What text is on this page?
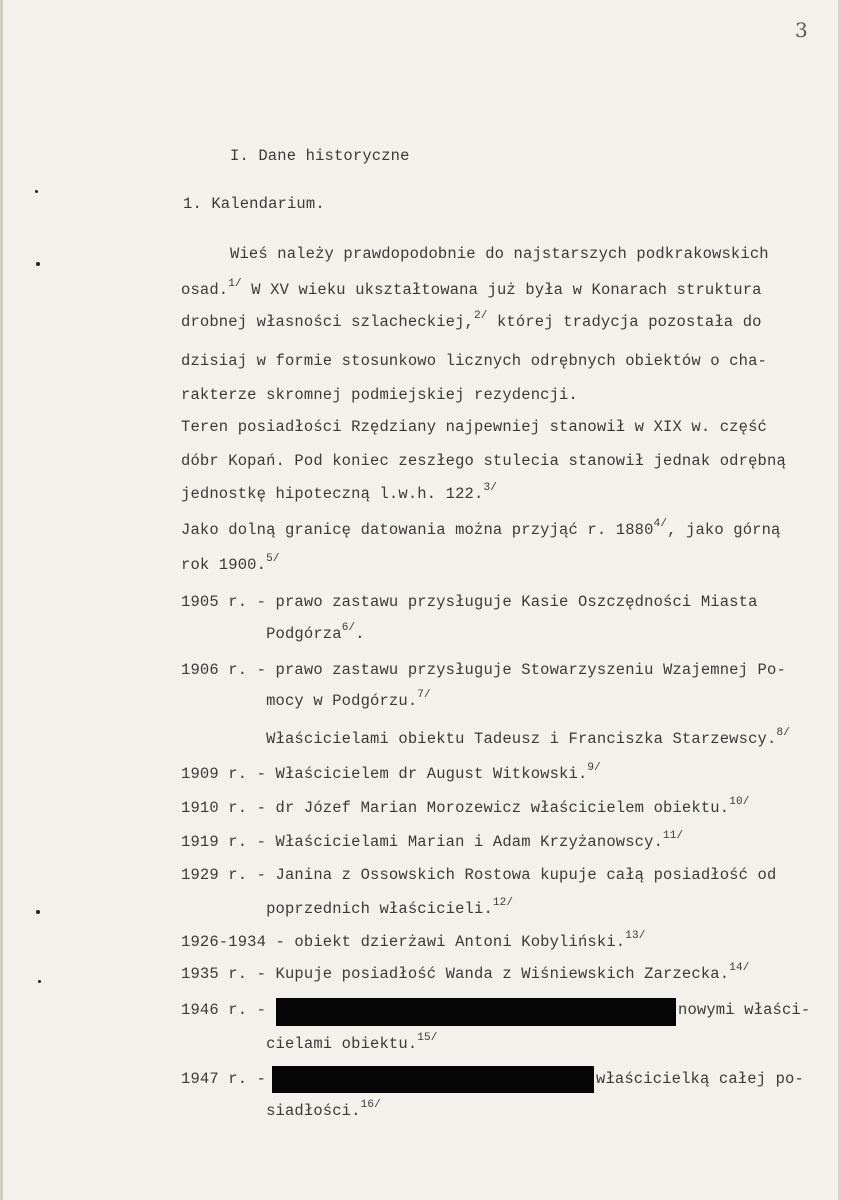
3
I. Dane historyczne
1. Kalendarium.
Wieś należy prawdopodobnie do najstarszych podkrakowskich
osad.$^{1/}$ W XV wieku ukształtowana już była w Konarach struktura
drobnej własności szlacheckiej,$^{2/}$ której tradycja pozostała do
dzisiaj w formie stosunkowo licznych odrębnych obiektów o cha-
rakterze skromnej podmiejskiej rezydencji.
Teren posiadłości Rzędziany najpewniej stanowił w XIX w. część
dóbr Kopań. Pod koniec zeszłego stulecia stanowił jednak odrębną
jednostkę hipoteczną l.w.h. 122.$^{3/}$
Jako dolną granicę datowania można przyjąć r. $1880^{4/}$, jako górną
rok 1900.$^{5/}$
1905 r. - prawo zastawu przysługuje Kasie Oszczędności Miasta
Podgórza$^{6/}$.
1906 r. - prawo zastawu przysługuje Stowarzyszeniu Wzajemnej Po-
mocy w Podgórzu.$^{7/}$
Właścicielami obiektu Tadeusz i Franciszka Starzewscy.$^{8/}$
1909 r. - Właścicielem dr August Witkowski.$^{9/}$
1910 r. - dr Józef Marian Morozewicz właścicielem obiektu.$^{10/}$
1919 r. - Właścicielami Marian i Adam Krzyżanowscy.$^{11/}$
1929 r. - Janina z Ossowskich Rostowa kupuje całą posiadłość od
poprzednich właścicieli.$^{12/}$
1926-1934 - obiekt dzierżawi Antoni Kobyliński.$^{13/}$
1935 r. - Kupuje posiadłość Wanda z Wiśniewskich Zarzecka.$^{14/}$
1946 r. -	nowymi właści-
cielami obiektu.$^{15/}$
1947 r. -	właścicielką całej po-
siadłości.$^{16/}$
